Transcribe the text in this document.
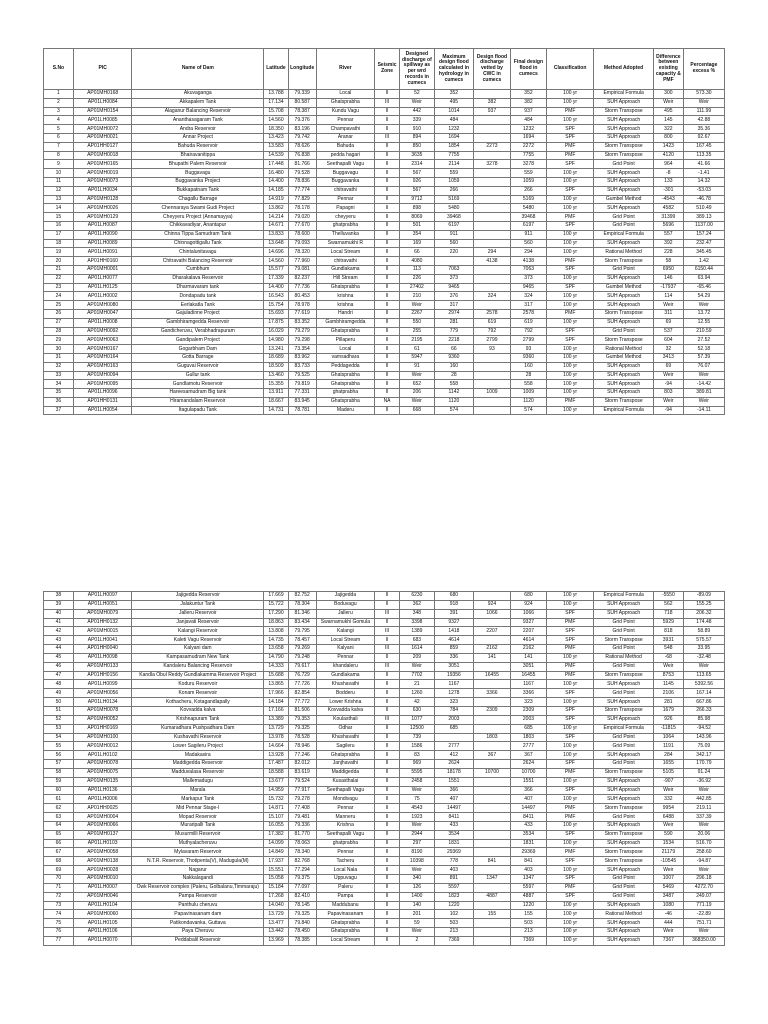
S.No	PIC	Name of Dam	Latitude	Longitude	River	Seismic Zone	Designed discharge of spillway as per wrd records in cumecs	Maximum design flood calculated in hydrology in cumecs	Design flood discharge vetted by CWC in cumecs	Final design flood in cumecs	Classification	Method Adopted	Difference between existing capacity & PMF	Percentage excess %
1	AP01MH0168	Akuvaganga	13.788	79.339	Local	II	52	352		352	100 yr	Empirical Formula	300	573.30
2	AP01LH0084	Akkapalem Tank	17.134	80.587	Ghatsprabha	III	Weir	495	382	382	100 yr	SUH Approach	Weir	Weir
3	AP01MH0154	Alaganur Balancing Reservoir	15.708	78.387	Kundu Vagu	II	442	1014	937	937	PMF	Storm Transpose	495	111.99
4	AP01LH0085	Ananthasagaram Tank	14.560	79.376	Pennar	II	339	484		484	100 yr	SUH Approach	145	42.88
5	AP01MH0072	Andra Reservoir	18.350	83.196	Champavathi	II	910	1232		1232	SPF	SUH Approach	322	35.36
6	AP01MH0021	Annar Project	13.423	79.742	Aranar	III	894	1694		1694	SPF	SUH Approach	800	92.67
7	AP01HH0127	Bahuda Reservoir	13.583	78.626	Bahuda	II	850	1854	2273	2272	PMF	Storm Transpose	1423	167.45
8	AP01MH0018	Bhairavanitippa	14.539	76.838	pedda hagari	II	3635	7755		7755	PMF	Storm Transpose	4120	113.35
9	AP01MH0165	Bhupathi Palem Reservoir	17.448	81.766	Seethapalli Vagu	II	2314	2114	3278	3278	SPF	Grid Point	964	41.66
10	AP01MH0019	Buggavagu	16.480	79.528	Buggavagu	II	567	559		559	100 yr	SUH Approach	-8	-1.41
11	AP01MH0073	Buggavanka Project	14.400	78.836	Buggavanka	II	926	1059		1059	100 yr	SUH Approach	133	14.32
12	AP01LH0034	Bukkapatnam Tank	14.185	77.774	chitravathi	II	567	266		266	SPF	SUH Approach	-301	-53.03
13	AP01MH0128	Chagallu Barrage	14.919	77.829	Pennar	II	9712	5169		5169	100 yr	Gumbel Method	-4543	-46.78
14	AP01MH0026	Chennaraya Swami Gudi Project	13.862	78.178	Papagni	II	898	5480		5480	100 yr	SUH Approach	4582	510.49
15	AP01MH0129	Cheyyeru Project (Annamayya)	14.214	79.020	cheyyeru	II	8069	39468		39468	PMF	Grid Point	31399	389.13
16	AP01LH0087	Chikkavadiyar, Anantapur	14.671	77.670	ghatprabha	II	501	6197		6197	SPF	Grid Point	5696	1137.00
17	AP01LH0090	Chinna Tippa Samudram Tank	13.833	78.600	Thelluvanka	II	354	911		911	100 yr	Empirical Formula	557	157.24
18	AP01LH0089	Chinnagottigallu Tank	13.648	79.093	Swarnamukhi R	II	169	560		560	100 yr	SUH Approach	392	232.47
19	AP01LH0091	Chintalunitavagu	14.696	78.320	Local Stream	II	66	220	294	294	100 yr	Rational Method	228	345.45
20	AP01HH0160	Chitravathi Balancing Reservoir	14.560	77.960	chitravathi	II	4080		4138	4138	PMF	Storm Transpose	58	1.42
21	AP01MH0001	Cumbhum	15.577	79.081	Gundlakama	II	113	7063		7063	SPF	Grid Point	6950	6150.44
22	AP01LH0077	Dharakalava Reservoir	17.339	82.237	Hill Stream	II	226	373		373	100 yr	SUH Approach	146	63.94
23	AP01LH0125	Dharmavaram tank	14.400	77.736	Ghatsprabha	II	27402	9465		9465	SPF	Gumbel Method	-17937	-65.46
24	AP01LH0002	Dondapadu tank	16.543	80.453	krishna	II	210	376	324	324	100 yr	SUH Approach	114	54.29
25	AP01MH0080	Eerlakatla Tank	15.754	78.978	krishna	II	Weir	317		317	100 yr	SUH Approach	Weir	Weir
26	AP01MH0047	Gajuladinne Project	15.693	77.619	Handri	II	2267	2974	2578	2578	PMF	Storm Transpose	311	13.72
27	AP01LH0008	Gambhiramgedda Reservoir	17.875	83.352	Gambhiramgedda	II	550	281	619	619	100 yr	SUH Approach	69	12.55
28	AP01MH0092	Gandicheruvu, Verabhadrapuram	16.029	79.279	Ghatsprabha	II	255	779	792	792	SPF	Grid Point	537	210.59
29	AP01MH0063	Gandipalem Project	14.980	79.298	Pillaperu	II	2195	2218	2799	2799	SPF	Storm Transpose	604	27.52
30	AP01MH0167	Gogarbham Dam	13.241	73.354	Local	II	61	66	93	93	100 yr	Rational Method	32	52.18
31	AP01MH0164	Gotta Barrage	18.689	83.962	vamsadhara	II	5947	9360		9360	100 yr	Gumbel Method	3413	57.39
32	AP01MH0163	Guguvai Reservoir	18.509	83.733	Peddagedda	II	91	160		160	100 yr	SUH Approach	69	76.07
33	AP01MH0094	Gullur tank	13.460	79.525	Ghatsprabha	II	Weir	28		28	100 yr	SUH Approach	Weir	Weir
34	AP01MH0095	Gundlamotu Reservoir	15.355	79.819	Ghatsprabha	II	652	558		558	100 yr	SUH Approach	-94	-14.42
35	AP01LH0096	Hareesamudram Big tank	13.911	77.331	ghatprabha	II	206	1142	1009	1009	100 yr	SUH Approach	803	389.81
36	AP01HH0131	Hiramandalam Reservoir	18.667	83.945	Ghatsprabha	NA	Weir	1120		1120	PMF	Storm Transpose	Weir	Weir
37	AP01LH0054	Itagulapadu Tank	14.731	78.781	Maderu	II	668	574		574	100 yr	Empirical Formula	-94	-14.11
38	AP01LH0097	Jajigedda Reservoir	17.669	82.752	Jajigedda	II	6230	680		680	100 yr	Empirical Formula	-5550	-89.09
39	AP01LH0051	Jalakuntur Tank	15.722	78.304	Boduvagu	II	362	918	924	924	100 yr	SUH Approach	562	155.25
40	AP01MH0079	Jalleru Reservoir	17.290	81.346	Jalleru	III	348	391	1066	1066	SPF	SUH Approach	718	206.32
41	AP01HH0132	Janjavati Reservoir	18.863	83.434	Swarnamukhi Gomula	II	3398	9327		9327	PMF	Grid Point	5929	174.48
42	AP01MH0015	Kalangi Reservoir	13.808	79.795	Kalangi	III	1389	1418	2207	2207	SPF	Grid Point	818	58.89
43	AP01LH0041	Kaleti Vagu Reservoir	14.735	78.457	Local Stream	II	683	4614		4614	SPF	Storm Transpose	3931	575.57
44	AP01HH0040	Kalyani dam	13.658	79.269	Kalyani	III	1614	859	2162	2162	PMF	Grid Point	548	33.95
45	AP01LH0098	Kampasamudram New Tank	14.790	79.248	Pennar	II	209	336	141	141	100 yr	Rational Method	-68	-32.48
46	AP01MH0133	Kandaleru Balancing Reservoir	14.333	79.617	khandaleru	III	Weir	3051		3051	PMF	Grid Point	Weir	Weir
47	AP01HH0156	Kandla Obul Reddy Gundlakamma Reservoir Project	15.688	76.729	Gundlakama	II	7702	19356	16455	16455	PMF	Storm Transpose	8753	113.65
48	AP01LH0099	Koduru Reservoir	13.865	77.726	Khushavathi	II	21	1167		1167	100 yr	SUH Approach	1145	5392.56
49	AP01MH0056	Konam Reservoir	17.966	82.854	Bodderu	II	1260	1278	3366	3366	SPF	Grid Point	2106	167.14
50	AP01LH0134	Kothacheru, Kotagandlapally	14.184	77.772	Lower Krishna	II	42	323		323	100 yr	SUH Approach	281	667.86
51	AP01MH0078	Kovvadda kalva	17.166	81.506	Kovvadda kalva	II	630	784	2309	2309	SPF	Storm Transpose	1679	266.33
52	AP01MH0052	Krishnapuram Tank	13.389	79.353	Koulasthali	III	1077	2003		2003	SPF	SUH Approach	926	85.98
53	AP01HH0169	Kumaradhara Pushpadhara Dam	13.729	79.325	Odhar	II	12500	685		685	100 yr	Empirical Formula	-11815	-94.52
54	AP01MH0100	Kushavathi Reservoir	13.978	78.528	Khushavathi	II	739		1803	1803	SPF	Grid Point	1064	143.96
55	AP01MH0012	Lower Sagileru Project	14.664	78.946	Sagileru	II	1586	2777		2777	100 yr	Grid Point	1191	75.09
56	AP01LH0102	Madakasira	13.928	77.246	Ghatsprabha	II	83	412	367	367	100 yr	SUH Approach	284	342.17
57	AP01MH0078	Maddigedda Reservoir	17.487	82.012	Janjhavathi	II	969	2624		2624	SPF	Grid Point	1655	170.79
58	AP01MH0075	Madduvalasa Reservoir	18.588	83.619	Maddigedda	II	5595	18178	10700	10700	PMF	Storm Transpose	5105	91.24
59	AP01MH0135	Mallemadugu	13.677	79.524	Kusasthalai	II	2458	1551		1551	100 yr	SUH Approach	-907	-36.92
60	AP01LH0136	Marala	14.959	77.917	Seethapalli Vagu	II	Weir	366		366	SPF	SUH Approach	Weir	Weir
61	AP01LH0006	Markapur Tank	15.732	79.278	Mondivagu	II	75	407		407	100 yr	SUH Approach	332	442.85
62	AP01HH0025	Mid Pennar Stage-I	14.871	77.408	Pennar	II	4543	14497		14497	PMF	Storm Transpose	9954	219.11
63	AP01MH0004	Mopad Reservoir	15.107	79.481	Manneru	II	1923	8411		8411	PMF	Grid Point	6488	337.39
64	AP01MH0066	Muraripalli Tank	16.055	79.336	Krishna	II	Weir	433		433	100 yr	SUH Approach	Weir	Weir
65	AP01MH0137	Musurmilli Reservoir	17.382	81.770	Seethapalli Vagu	II	2944	3534		3534	SPF	Storm Transpose	590	20.06
66	AP01LH0103	Muthyalacheruvu	14.099	78.063	ghatprabha	II	297	1831		1831	100 yr	SUH Approach	1534	516.70
67	AP01MH0058	Mylavaram Reservoir	14.849	78.340	Pennar	II	8190	29369		29369	PMF	Storm Transpose	21179	258.60
68	AP01MH0138	N.T.R. Reservoir, Thotipenta(V), Madugula(M)	17.937	82.768	Tacheru	II	10398	778	841	841	SPF	Storm Transpose	-10545	-94.87
69	AP01MH0028	Nagarur	15.551	77.294	Local Nala	II	Weir	403		403	100 yr	SUH Approach	Weir	Weir
70	AP01MH0010	Nakkalagandi	15.058	79.375	Uppuvagu	II	340	891	1347	1347	SPF	Grid Point	1007	296.18
71	AP01LH0007	Owk Reservoir complex (Paleru, Golbalanu,Timmaraju)	15.184	77.097	Paleru	II	126	5597		5597	PMF	Grid Point	5469	4272.70
72	AP01MH0046	Pampa Reservoir	17.268	82.410	Pampa	II	1400	1823	4887	4887	SPF	Grid Point	3487	249.07
73	AP01LH0104	Panthulu cheruvu	14.040	78.145	Maddubanu	II	140	1220		1220	100 yr	SUH Approach	1080	771.19
74	AP01MH0060	Papavinasanam dam	13.729	79.325	Papavinasanam	II	201	102	155	155	100 yr	Rational Method	-46	-22.89
75	AP01LH0105	Patikondavanka, Guttava	13.477	79.840	Ghatsprabha	II	59	503		503	100 yr	SUH Approach	444	751.71
76	AP01LH0106	Paya Cheruvu	13.442	78.450	Ghatsprabha	II	Weir	213		213	100 yr	SUH Approach	Weir	Weir
77	AP01LH0070	Peddabalil Reservoir	13.969	78.385	Local Stream	II	2	7369		7369	100 yr	SUH Approach	7367	368350.00
